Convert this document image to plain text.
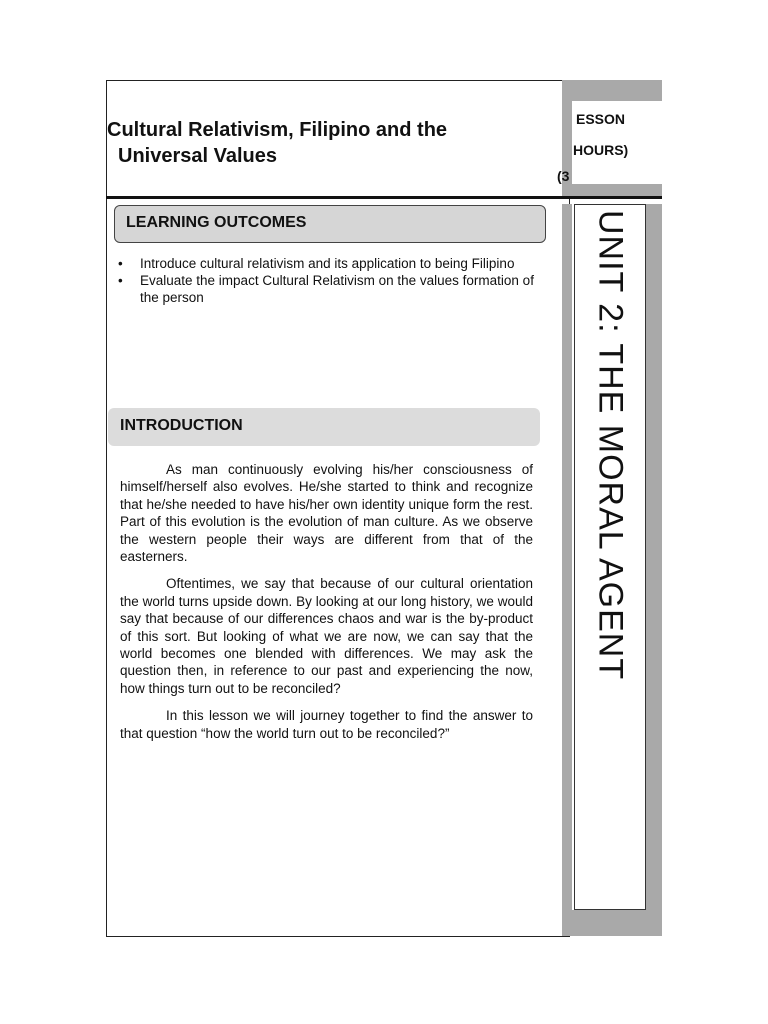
UNIT 2: THE MORAL AGENT
ESSON
HOURS)
(3
Cultural Relativism, Filipino and the
Universal Values
LEARNING OUTCOMES
• Introduce cultural relativism and its application to being Filipino
• Evaluate the impact Cultural Relativism on the values formation of the person
INTRODUCTION

As man continuously evolving his/her consciousness of himself/herself also evolves. He/she started to think and recognize that he/she needed to have his/her own identity unique form the rest. Part of this evolution is the evolution of man culture. As we observe the western people their ways are different from that of the easterners.

Oftentimes, we say that because of our cultural orientation the world turns upside down. By looking at our long history, we would say that because of our differences chaos and war is the by-product of this sort. But looking of what we are now, we can say that the world becomes one blended with differences. We may ask the question then, in reference to our past and experiencing the now, how things turn out to be reconciled?

In this lesson we will journey together to find the answer to that question “how the world turn out to be reconciled?”
